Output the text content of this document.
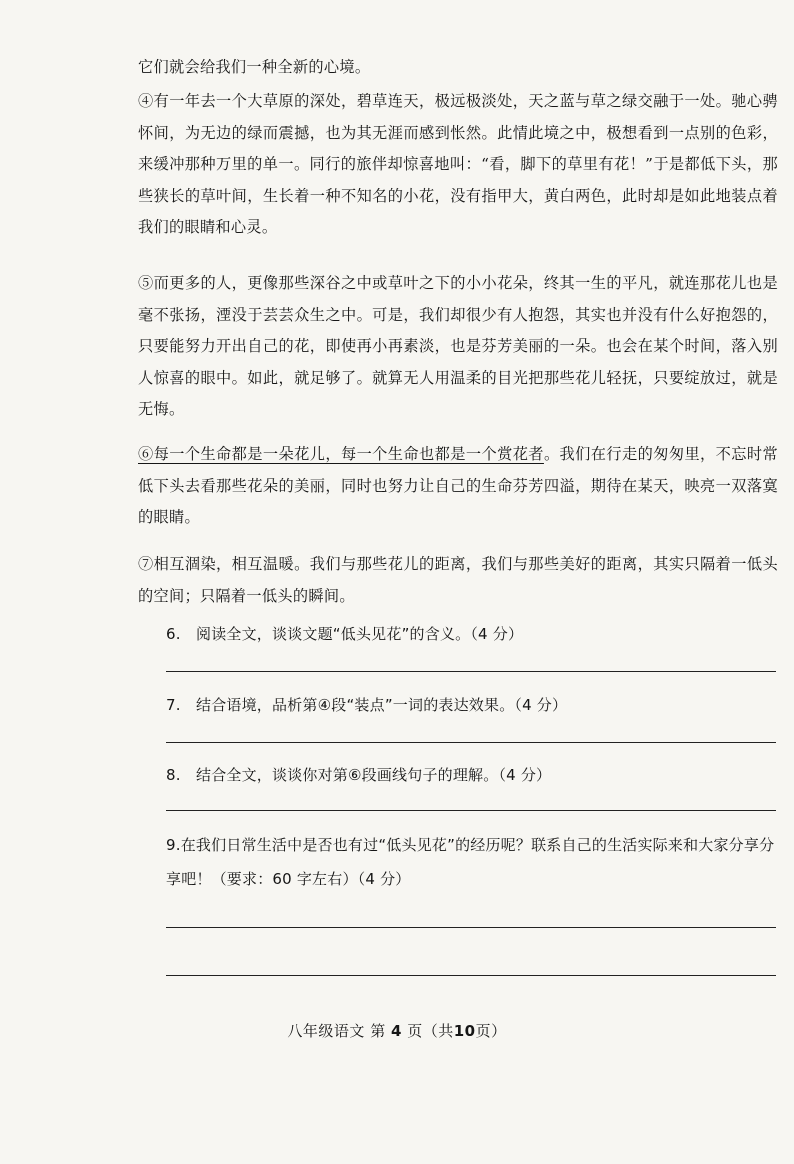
它们就会给我们一种全新的心境。

④有一年去一个大草原的深处，碧草连天，极远极淡处，天之蓝与草之绿交融于一处。驰心骋怀间，为无边的绿而震撼，也为其无涯而感到怅然。此情此境之中，极想看到一点别的色彩，来缓冲那种万里的单一。同行的旅伴却惊喜地叫：“看，脚下的草里有花！”于是都低下头，那些狭长的草叶间，生长着一种不知名的小花，没有指甲大，黄白两色，此时却是如此地装点着我们的眼睛和心灵。

⑤而更多的人，更像那些深谷之中或草叶之下的小小花朵，终其一生的平凡，就连那花儿也是毫不张扬，湮没于芸芸众生之中。可是，我们却很少有人抱怨，其实也并没有什么好抱怨的，只要能努力开出自己的花，即使再小再素淡，也是芬芳美丽的一朵。也会在某个时间，落入别人惊喜的眼中。如此，就足够了。就算无人用温柔的目光把那些花儿轻抚，只要绽放过，就是无悔。

⑥每一个生命都是一朵花儿，每一个生命也都是一个赏花者。我们在行走的匆匆里，不忘时常低下头去看那些花朵的美丽，同时也努力让自己的生命芬芳四溢，期待在某天，映亮一双落寞的眼睛。

⑦相互涸染，相互温暖。我们与那些花儿的距离，我们与那些美好的距离，其实只隔着一低头的空间；只隔着一低头的瞬间。

6. 阅读全文，谈谈文题“低头见花”的含义。（4 分）

7. 结合语境，品析第④段“装点”一词的表达效果。（4 分）

8. 结合全文，谈谈你对第⑥段画线句子的理解。（4 分）

9.在我们日常生活中是否也有过“低头见花”的经历呢？联系自己的生活实际来和大家分享分享吧！（要求：60 字左右）（4 分）

八年级语文 第 4 页（共10页）
